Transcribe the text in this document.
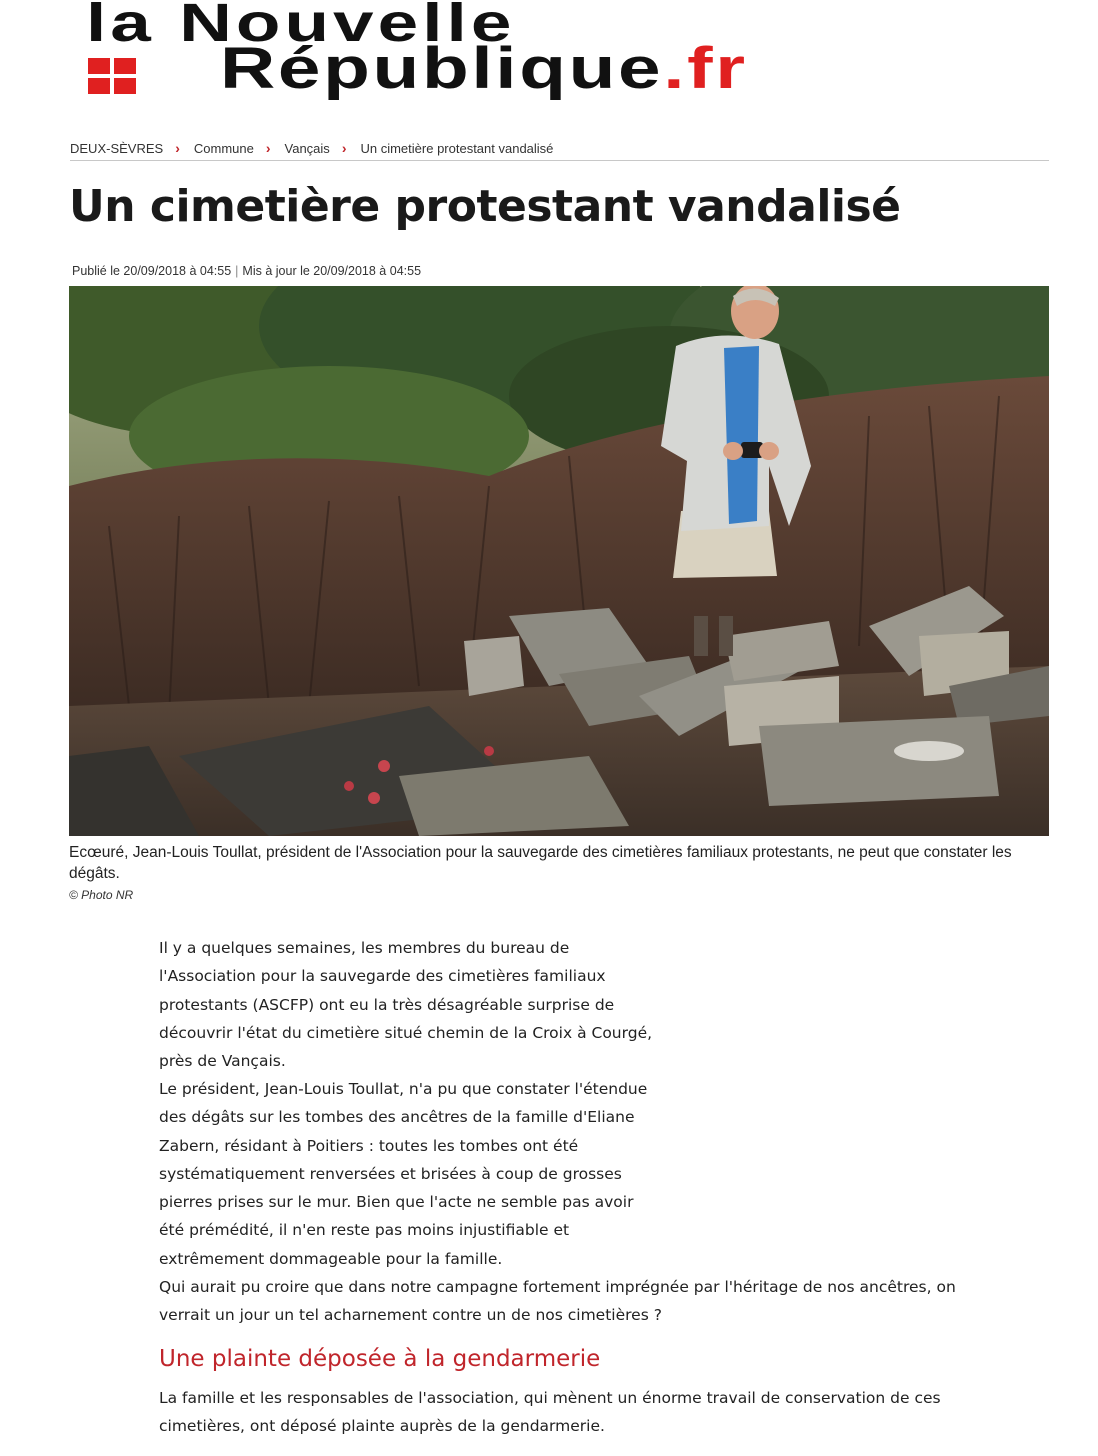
la Nouvelle
République.fr
DEUX-SÈVRES › Commune › Vançais › Un cimetière protestant vandalisé
Un cimetière protestant vandalisé
Publié le 20/09/2018 à 04:55 | Mis à jour le 20/09/2018 à 04:55

Ecœuré, Jean-Louis Toullat, président de l'Association pour la sauvegarde des cimetières familiaux protestants, ne peut que constater les dégâts.

© Photo NR

Il y a quelques semaines, les membres du bureau de l'Association pour la sauvegarde des cimetières familiaux protestants (ASCFP) ont eu la très désagréable surprise de découvrir l'état du cimetière situé chemin de la Croix à Courgé, près de Vançais.

Le président, Jean-Louis Toullat, n'a pu que constater l'étendue des dégâts sur les tombes des ancêtres de la famille d'Eliane Zabern, résidant à Poitiers : toutes les tombes ont été systématiquement renversées et brisées à coup de grosses pierres prises sur le mur. Bien que l'acte ne semble pas avoir été prémédité, il n'en reste pas moins injustifiable et extrêmement dommageable pour la famille.

Qui aurait pu croire que dans notre campagne fortement imprégnée par l'héritage de nos ancêtres, on verrait un jour un tel acharnement contre un de nos cimetières ?

Une plainte déposée à la gendarmerie

La famille et les responsables de l'association, qui mènent un énorme travail de conservation de ces cimetières, ont déposé plainte auprès de la gendarmerie.
